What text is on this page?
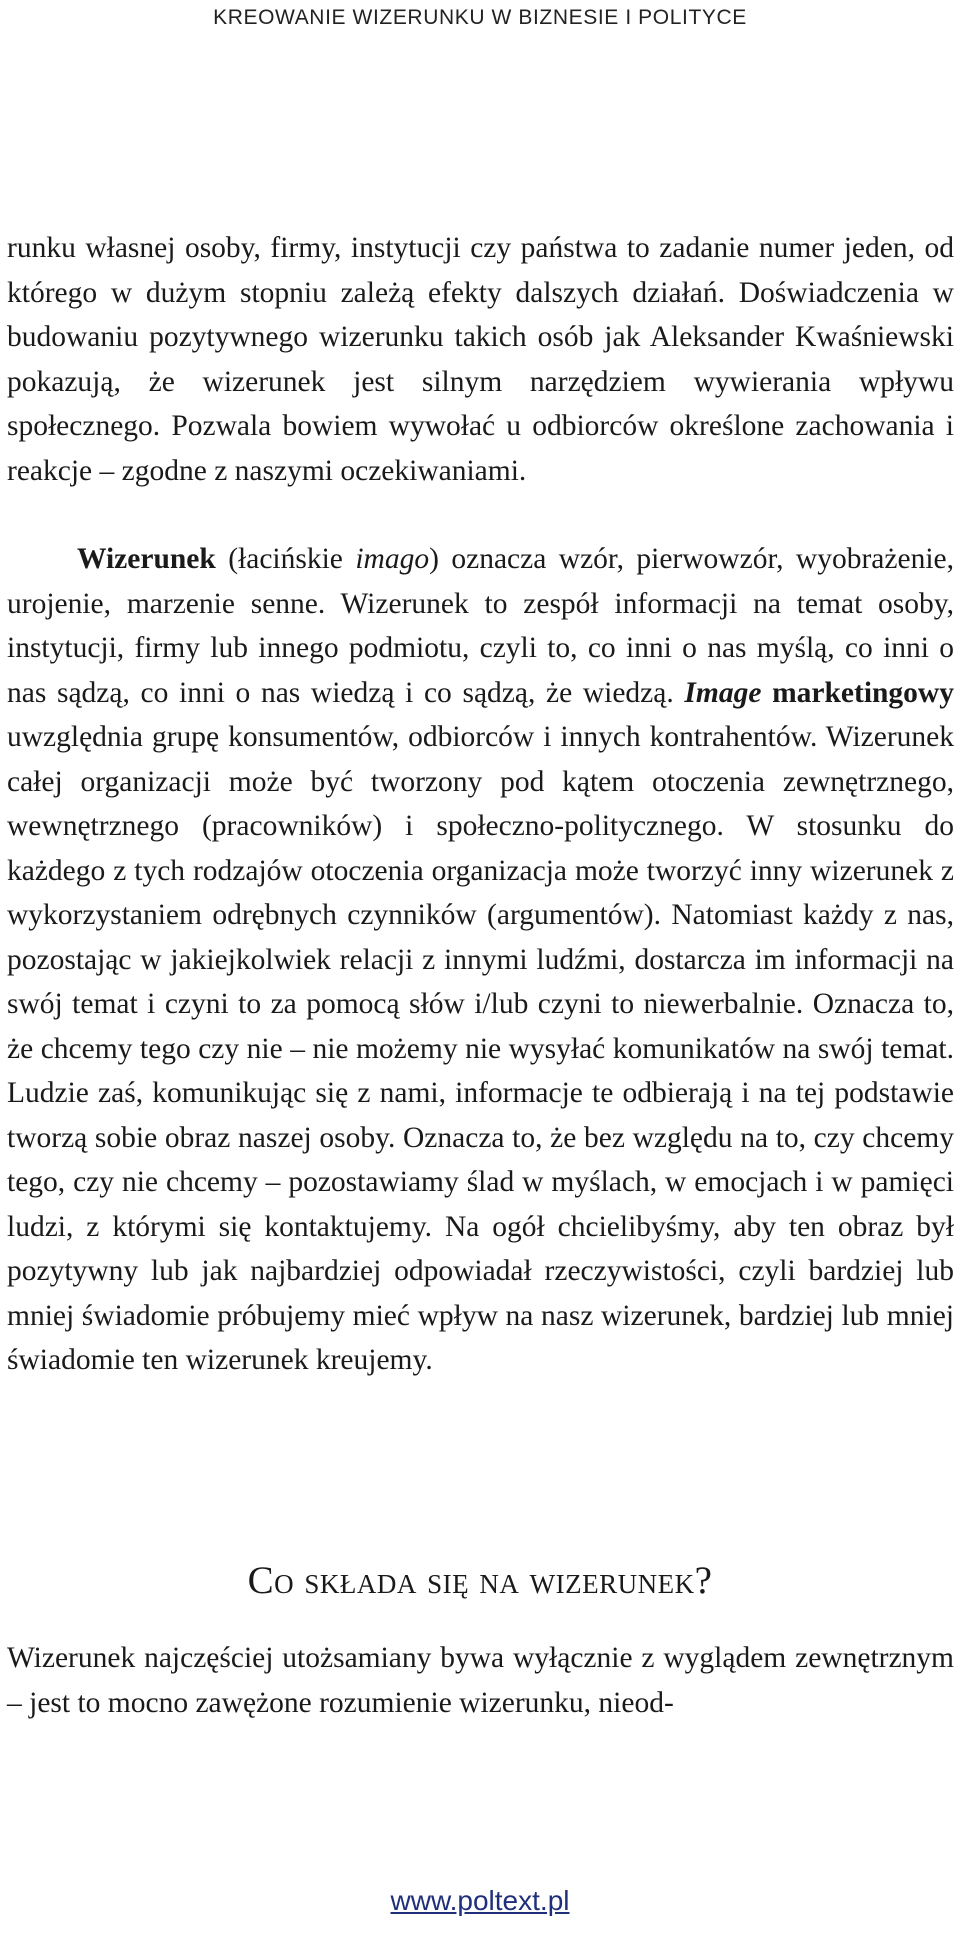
KREOWANIE WIZERUNKU W BIZNESIE I POLITYCE

runku własnej osoby, firmy, instytucji czy państwa to zadanie numer jeden, od którego w dużym stopniu zależą efekty dalszych działań. Doświadczenia w budowaniu pozytywnego wizerunku takich osób jak Aleksander Kwaśniewski pokazują, że wizerunek jest silnym narzędziem wywierania wpływu społecznego. Pozwala bowiem wywołać u odbiorców określone zachowania i reakcje – zgodne z naszymi oczekiwaniami.

Wizerunek (łacińskie imago) oznacza wzór, pierwowzór, wyobrażenie, urojenie, marzenie senne. Wizerunek to zespół informacji na temat osoby, instytucji, firmy lub innego podmiotu, czyli to, co inni o nas myślą, co inni o nas sądzą, co inni o nas wiedzą i co sądzą, że wiedzą. Image marketingowy uwzględnia grupę konsumentów, odbiorców i innych kontrahentów. Wizerunek całej organizacji może być tworzony pod kątem otoczenia zewnętrznego, wewnętrznego (pracowników) i społeczno-politycznego. W stosunku do każdego z tych rodzajów otoczenia organizacja może tworzyć inny wizerunek z wykorzystaniem odrębnych czynników (argumentów). Natomiast każdy z nas, pozostając w jakiejkolwiek relacji z innymi ludźmi, dostarcza im informacji na swój temat i czyni to za pomocą słów i/lub czyni to niewerbalnie. Oznacza to, że chcemy tego czy nie – nie możemy nie wysyłać komunikatów na swój temat. Ludzie zaś, komunikując się z nami, informacje te odbierają i na tej podstawie tworzą sobie obraz naszej osoby. Oznacza to, że bez względu na to, czy chcemy tego, czy nie chcemy – pozostawiamy ślad w myślach, w emocjach i w pamięci ludzi, z którymi się kontaktujemy. Na ogół chcielibyśmy, aby ten obraz był pozytywny lub jak najbardziej odpowiadał rzeczywistości, czyli bardziej lub mniej świadomie próbujemy mieć wpływ na nasz wizerunek, bardziej lub mniej świadomie ten wizerunek kreujemy.

Co składa się na wizerunek?

Wizerunek najczęściej utożsamiany bywa wyłącznie z wyglądem zewnętrznym – jest to mocno zawężone rozumienie wizerunku, nieod-

www.poltext.pl
